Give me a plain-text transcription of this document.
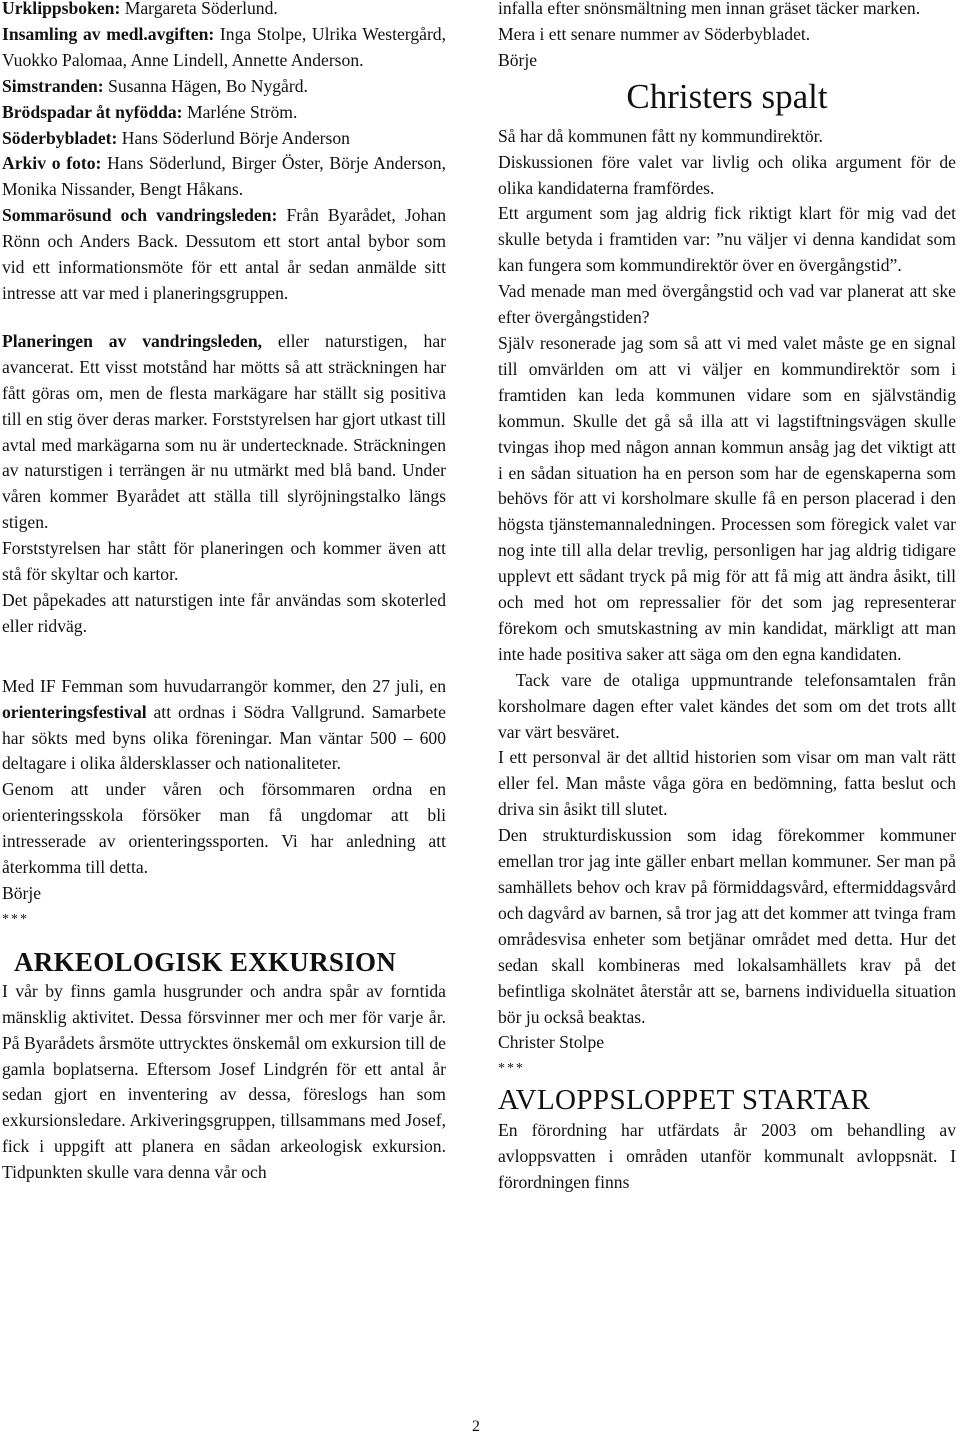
Urklippsboken: Margareta Söderlund.

Insamling av medl.avgiften: Inga Stolpe, Ulrika Westergård, Vuokko Palomaa, Anne Lindell, Annette Anderson.

Simstranden: Susanna Hägen, Bo Nygård.

Brödspadar åt nyfödda: Marléne Ström.

Söderbybladet: Hans Söderlund Börje Anderson

Arkiv o foto: Hans Söderlund, Birger Öster, Börje Anderson, Monika Nissander, Bengt Håkans.

Sommarösund och vandringsleden: Från Byarådet, Johan Rönn och Anders Back. Dessutom ett stort antal bybor som vid ett informationsmöte för ett antal år sedan anmälde sitt intresse att var med i planeringsgruppen.

Planeringen av vandringsleden, eller naturstigen, har avancerat. Ett visst motstånd har mötts så att sträckningen har fått göras om, men de flesta markägare har ställt sig positiva till en stig över deras marker. Forststyrelsen har gjort utkast till avtal med markägarna som nu är undertecknade. Sträckningen av naturstigen i terrängen är nu utmärkt med blå band. Under våren kommer Byarådet att ställa till slyröjningstalko längs stigen.

Forststyrelsen har stått för planeringen och kommer även att stå för skyltar och kartor.

Det påpekades att naturstigen inte får användas som skoterled eller ridväg.

Med IF Femman som huvudarrangör kommer, den 27 juli, en orienteringsfestival att ordnas i Södra Vallgrund. Samarbete har sökts med byns olika föreningar. Man väntar 500 – 600 deltagare i olika åldersklasser och nationaliteter.

Genom att under våren och försommaren ordna en orienteringsskola försöker man få ungdomar att bli intresserade av orienteringssporten. Vi har anledning att återkomma till detta.

Börje

***

ARKEOLOGISK EXKURSION

I vår by finns gamla husgrunder och andra spår av forntida mänsklig aktivitet. Dessa försvinner mer och mer för varje år. På Byarådets årsmöte uttrycktes önskemål om exkursion till de gamla boplatserna. Eftersom Josef Lindgrén för ett antal år sedan gjort en inventering av dessa, föreslogs han som exkursionsledare. Arkiveringsgruppen, tillsammans med Josef, fick i uppgift att planera en sådan arkeologisk exkursion. Tidpunkten skulle vara denna vår och

infalla efter snönsmältning men innan gräset täcker marken.

Mera i ett senare nummer av Söderbybladet.

Börje

Christers spalt

Så har då kommunen fått ny kommundirektör.

Diskussionen före valet var livlig och olika argument för de olika kandidaterna framfördes.

Ett argument som jag aldrig fick riktigt klart för mig vad det skulle betyda i framtiden var: ”nu väljer vi denna kandidat som kan fungera som kommundirektör över en övergångstid”.

Vad menade man med övergångstid och vad var planerat att ske efter övergångstiden?

Själv resonerade jag som så att vi med valet måste ge en signal till omvärlden om att vi väljer en kommundirektör som i framtiden kan leda kommunen vidare som en självständig kommun. Skulle det gå så illa att vi lagstiftningsvägen skulle tvingas ihop med någon annan kommun ansåg jag det viktigt att i en sådan situation ha en person som har de egenskaperna som behövs för att vi korsholmare skulle få en person placerad i den högsta tjänstemannaledningen. Processen som föregick valet var nog inte till alla delar trevlig, personligen har jag aldrig tidigare upplevt ett sådant tryck på mig för att få mig att ändra åsikt, till och med hot om repressalier för det som jag representerar förekom och smutskastning av min kandidat, märkligt att man inte hade positiva saker att säga om den egna kandidaten.

Tack vare de otaliga uppmuntrande telefonsamtalen från korsholmare dagen efter valet kändes det som om det trots allt var värt besväret.

I ett personval är det alltid historien som visar om man valt rätt eller fel. Man måste våga göra en bedömning, fatta beslut och driva sin åsikt till slutet.

Den strukturdiskussion som idag förekommer kommuner emellan tror jag inte gäller enbart mellan kommuner. Ser man på samhällets behov och krav på förmiddagsvård, eftermiddagsvård och dagvård av barnen, så tror jag att det kommer att tvinga fram områdesvisa enheter som betjänar området med detta. Hur det sedan skall kombineras med lokalsamhällets krav på det befintliga skolnätet återstår att se, barnens individuella situation bör ju också beaktas.

Christer Stolpe

***

AVLOPPSLOPPET STARTAR

En förordning har utfärdats år 2003 om behandling av avloppsvatten i områden utanför kommunalt avloppsnät. I förordningen finns

2
